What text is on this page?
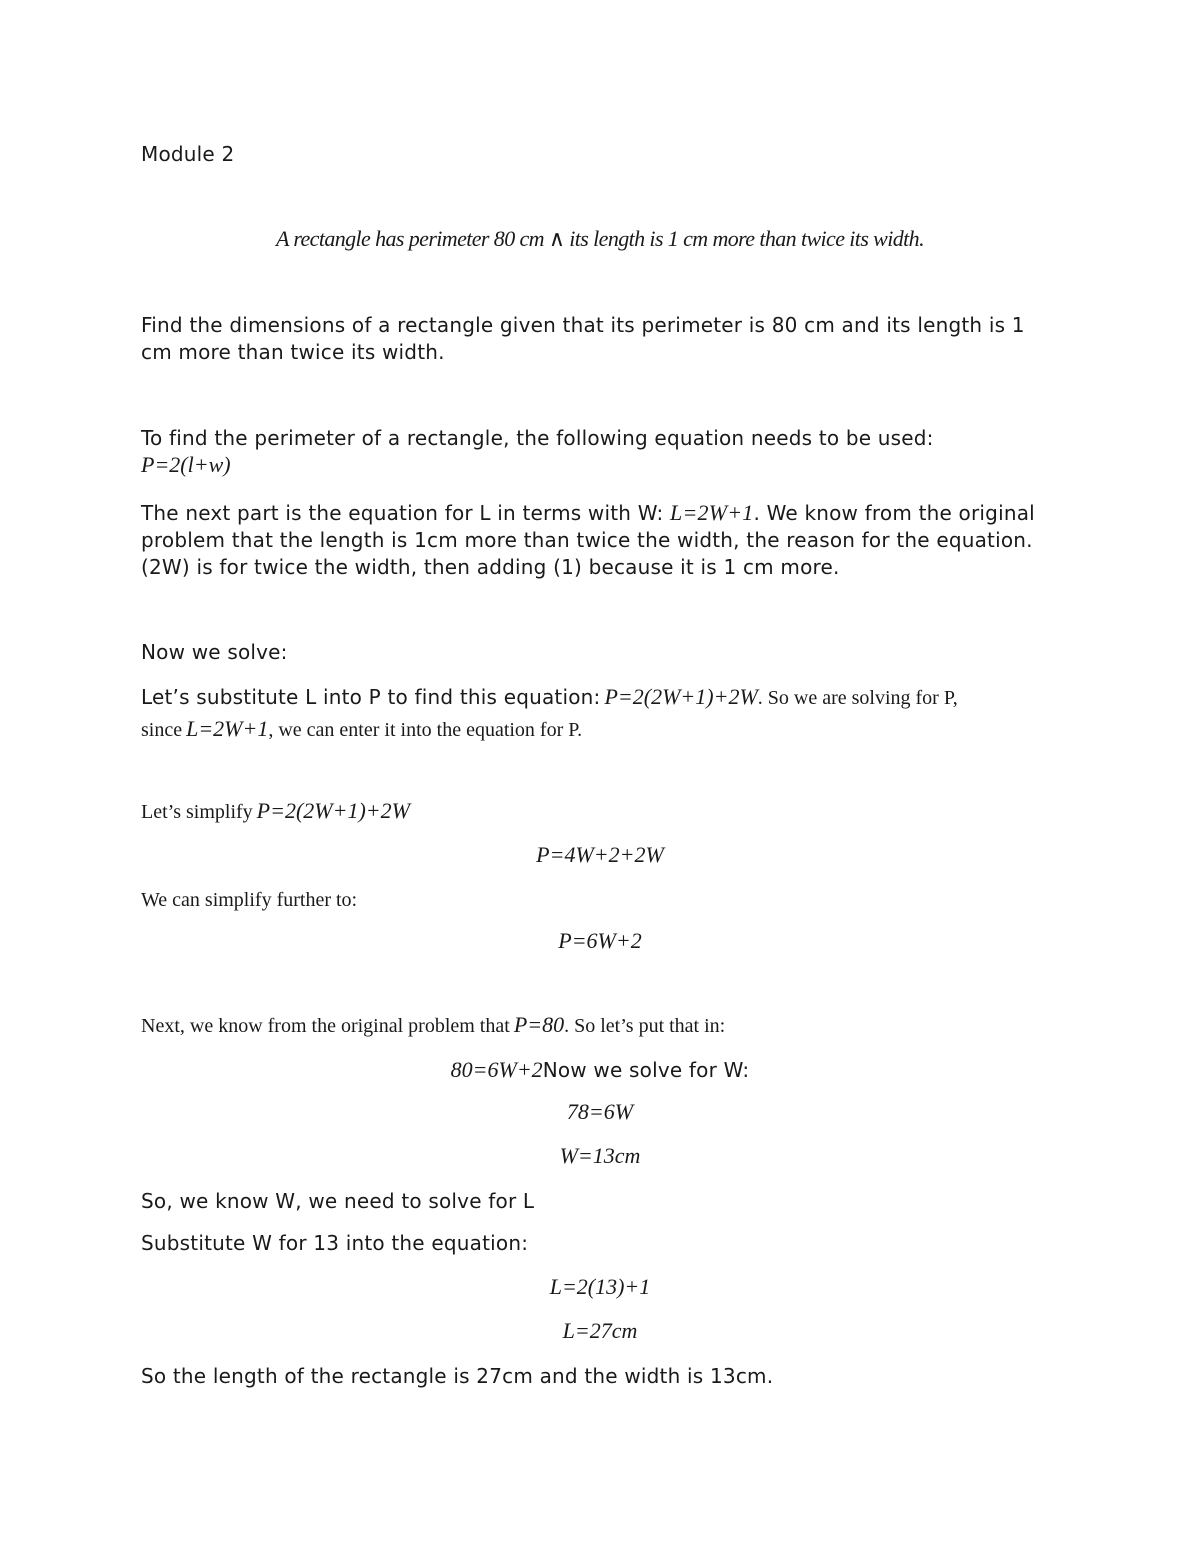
Module 2
A rectangle has perimeter 80 cm ∧ its length is 1 cm more than twice its width.
Find the dimensions of a rectangle given that its perimeter is 80 cm and its length is 1 cm more than twice its width.
To find the perimeter of a rectangle, the following equation needs to be used:
P=2(l+w)
The next part is the equation for L in terms with W: L=2W+1. We know from the original problem that the length is 1cm more than twice the width, the reason for the equation. (2W) is for twice the width, then adding (1) because it is 1 cm more.
Now we solve:
Let’s substitute L into P to find this equation: P=2(2W+1)+2W. So we are solving for P,
since L=2W+1, we can enter it into the equation for P.
Let’s simplify P=2(2W+1)+2W
P=4W+2+2W
We can simplify further to:
P=6W+2
Next, we know from the original problem that P=80. So let’s put that in:
80=6W+2Now we solve for W:
78=6W
W=13cm
So, we know W, we need to solve for L
Substitute W for 13 into the equation:
L=2(13)+1
L=27cm
So the length of the rectangle is 27cm and the width is 13cm.
